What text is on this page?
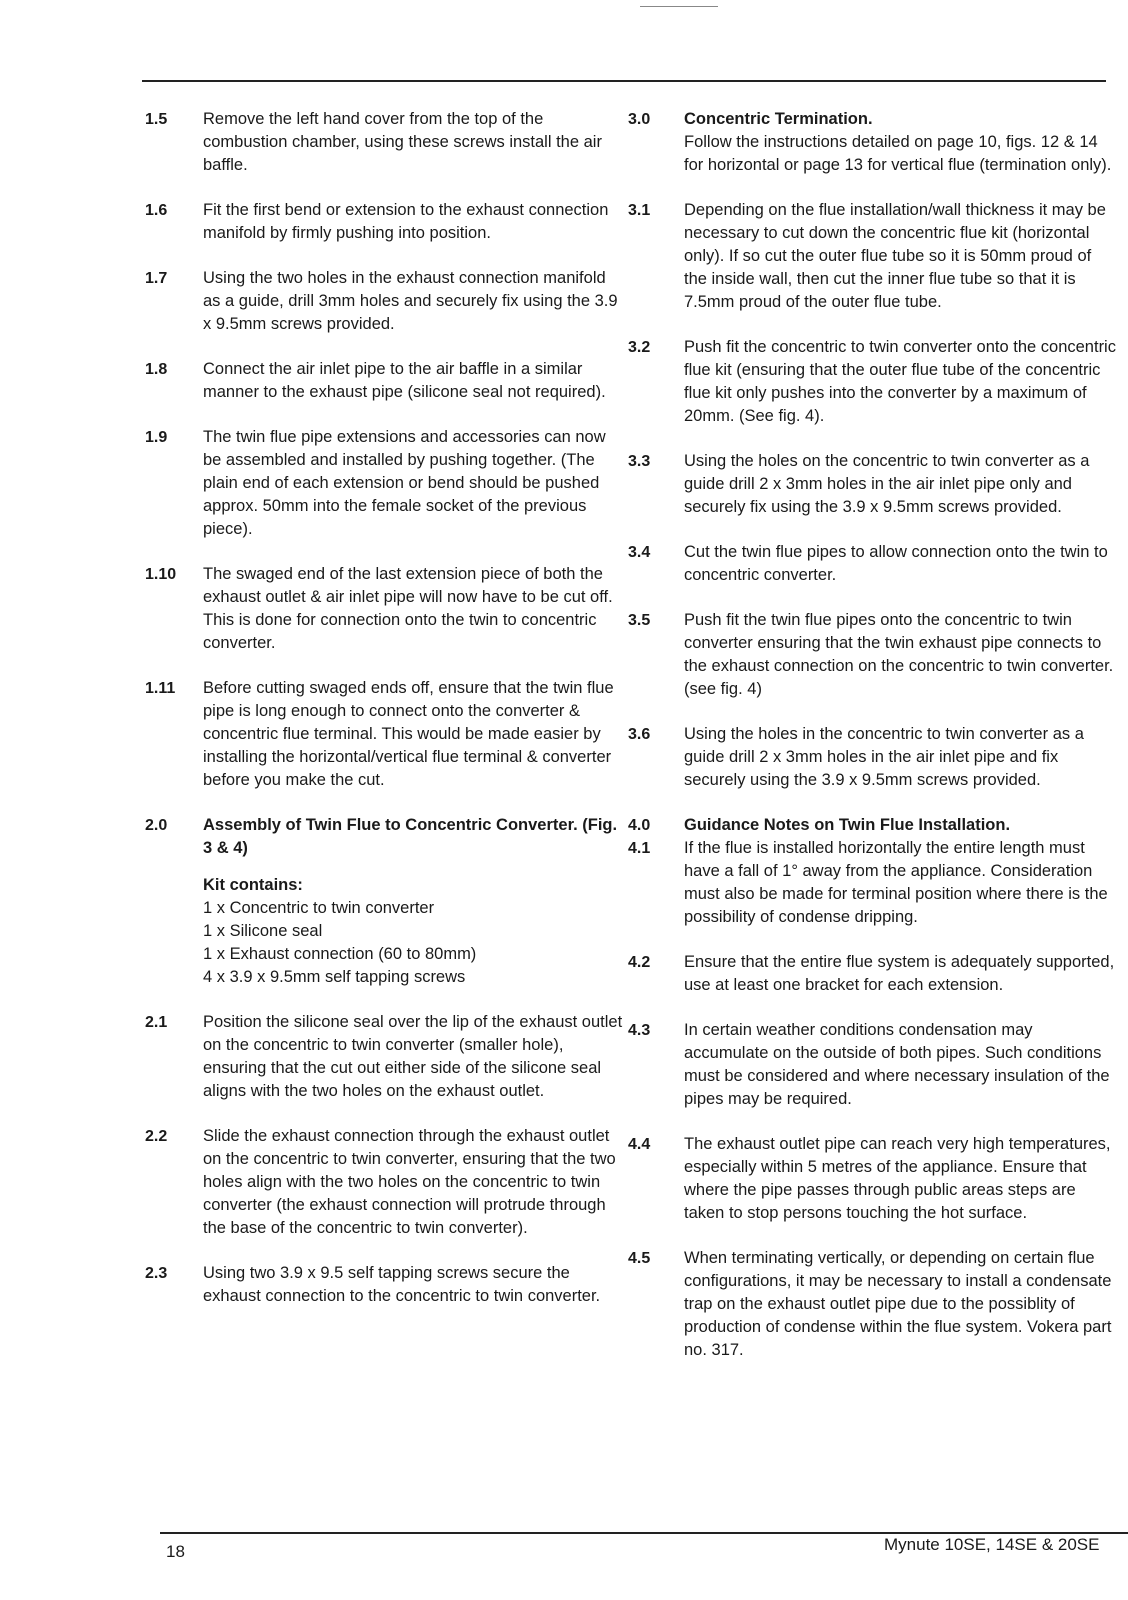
1.5 Remove the left hand cover from the top of the combustion chamber, using these screws install the air baffle.
1.6 Fit the first bend or extension to the exhaust connection manifold by firmly pushing into position.
1.7 Using the two holes in the exhaust connection manifold as a guide, drill 3mm holes and securely fix using the 3.9 x 9.5mm screws provided.
1.8 Connect the air inlet pipe to the air baffle in a similar manner to the exhaust pipe (silicone seal not required).
1.9 The twin flue pipe extensions and accessories can now be assembled and installed by pushing together. (The plain end of each extension or bend should be pushed approx. 50mm into the female socket of the previous piece).
1.10 The swaged end of the last extension piece of both the exhaust outlet & air inlet pipe will now have to be cut off. This is done for connection onto the twin to concentric converter.
1.11 Before cutting swaged ends off, ensure that the twin flue pipe is long enough to connect onto the converter & concentric flue terminal. This would be made easier by installing the horizontal/vertical flue terminal & converter before you make the cut.
2.0 Assembly of Twin Flue to Concentric Converter. (Fig. 3 & 4)
Kit contains:
1 x Concentric to twin converter
1 x Silicone seal
1 x Exhaust connection (60 to 80mm)
4 x 3.9 x 9.5mm self tapping screws
2.1 Position the silicone seal over the lip of the exhaust outlet on the concentric to twin converter (smaller hole), ensuring that the cut out either side of the silicone seal aligns with the two holes on the exhaust outlet.
2.2 Slide the exhaust connection through the exhaust outlet on the concentric to twin converter, ensuring that the two holes align with the two holes on the concentric to twin converter (the exhaust connection will protrude through the base of the concentric to twin converter).
2.3 Using two 3.9 x 9.5 self tapping screws secure the exhaust connection to the concentric to twin converter.
3.0 Concentric Termination.
Follow the instructions detailed on page 10, figs. 12 & 14 for horizontal or page 13 for vertical flue (termination only).
3.1 Depending on the flue installation/wall thickness it may be necessary to cut down the concentric flue kit (horizontal only). If so cut the outer flue tube so it is 50mm proud of the inside wall, then cut the inner flue tube so that it is 7.5mm proud of the outer flue tube.
3.2 Push fit the concentric to twin converter onto the concentric flue kit (ensuring that the outer flue tube of the concentric flue kit only pushes into the converter by a maximum of 20mm. (See fig. 4).
3.3 Using the holes on the concentric to twin converter as a guide drill 2 x 3mm holes in the air inlet pipe only and securely fix using the 3.9 x 9.5mm screws provided.
3.4 Cut the twin flue pipes to allow connection onto the twin to concentric converter.
3.5 Push fit the twin flue pipes onto the concentric to twin converter ensuring that the twin exhaust pipe connects to the exhaust connection on the concentric to twin converter. (see fig. 4)
3.6 Using the holes in the concentric to twin converter as a guide drill 2 x 3mm holes in the air inlet pipe and fix securely using the 3.9 x 9.5mm screws provided.
4.0
4.1
Guidance Notes on Twin Flue Installation.
If the flue is installed horizontally the entire length must have a fall of 1° away from the appliance. Consideration must also be made for terminal position where there is the possibility of condense dripping.
4.2 Ensure that the entire flue system is adequately supported, use at least one bracket for each extension.
4.3 In certain weather conditions condensation may accumulate on the outside of both pipes. Such conditions must be considered and where necessary insulation of the pipes may be required.
4.4 The exhaust outlet pipe can reach very high temperatures, especially within 5 metres of the appliance. Ensure that where the pipe passes through public areas steps are taken to stop persons touching the hot surface.
4.5 When terminating vertically, or depending on certain flue configurations, it may be necessary to install a condensate trap on the exhaust outlet pipe due to the possiblity of production of condense within the flue system. Vokera part no. 317.
18	Mynute 10SE, 14SE & 20SE
